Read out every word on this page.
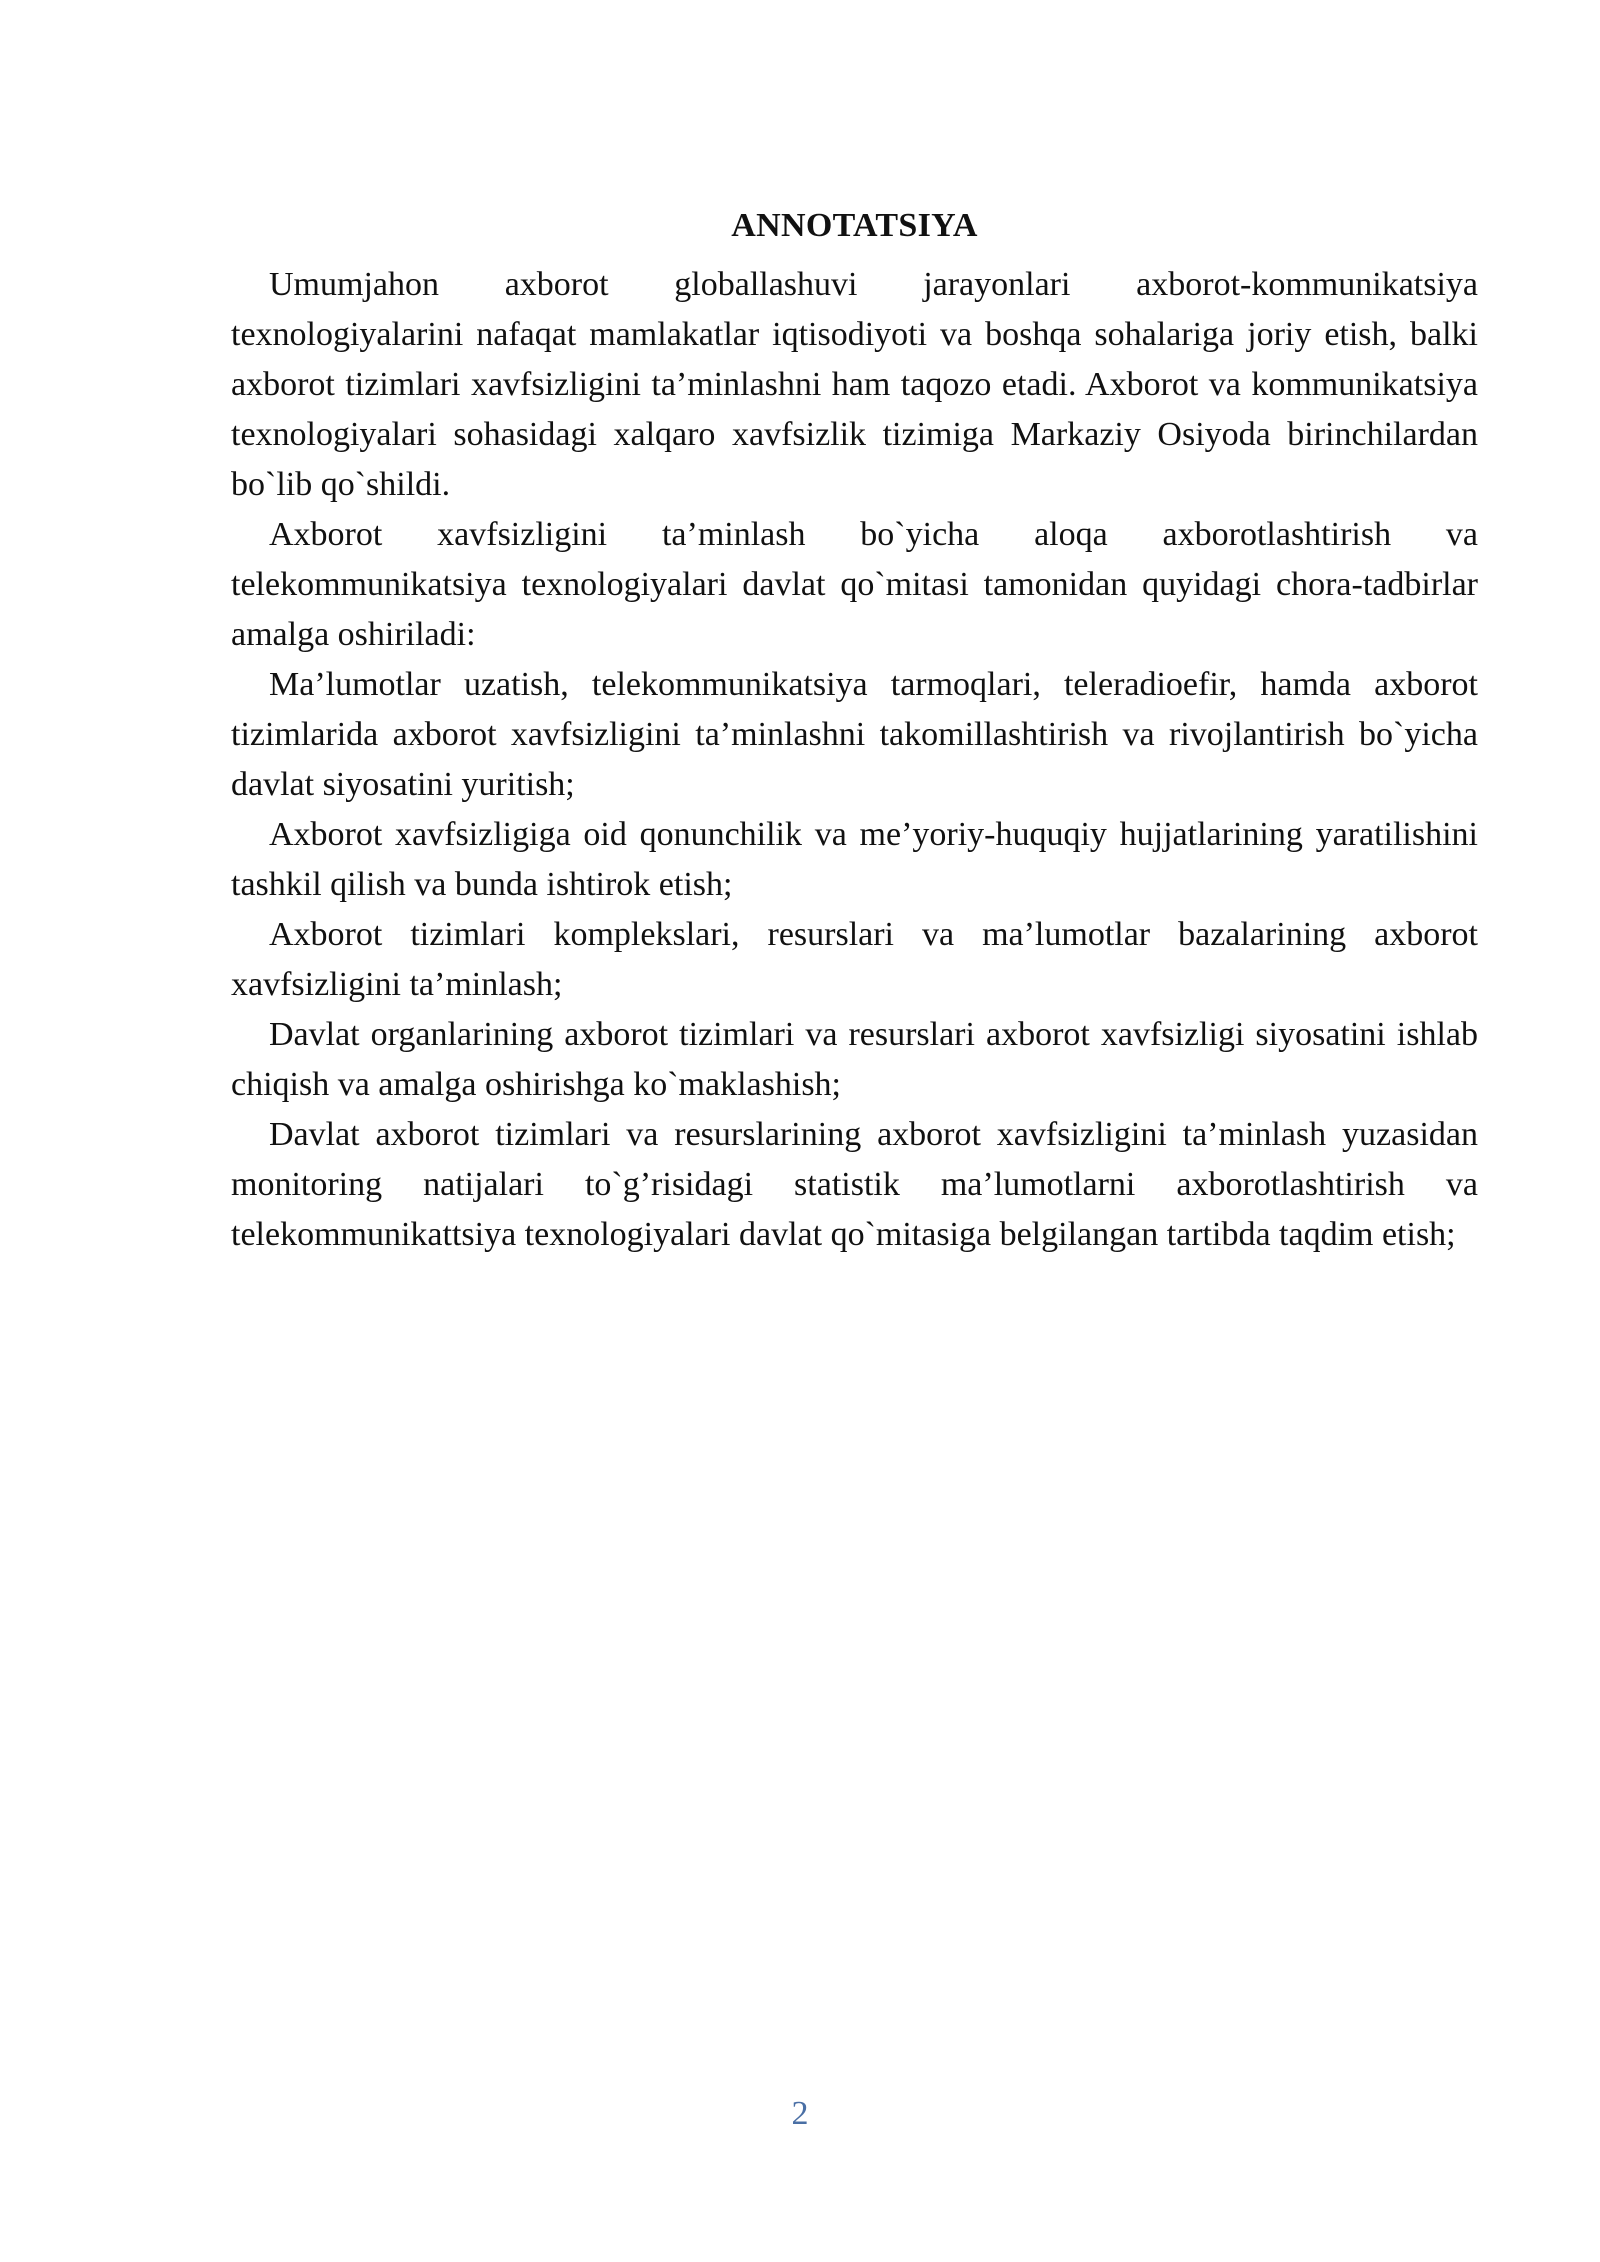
ANNOTATSIYA

Umumjahon axborot globallashuvi jarayonlari axborot-kommunikatsiya texnologiyalarini nafaqat mamlakatlar iqtisodiyoti va boshqa sohalariga joriy etish, balki axborot tizimlari xavfsizligini ta’minlashni ham taqozo etadi. Axborot va kommunikatsiya texnologiyalari sohasidagi xalqaro xavfsizlik tizimiga Markaziy Osiyoda birinchilardan bo`lib qo`shildi.

Axborot xavfsizligini ta’minlash bo`yicha aloqa axborotlashtirish va telekommunikatsiya texnologiyalari davlat qo`mitasi tamonidan quyidagi chora-tadbirlar amalga oshiriladi:

Ma’lumotlar uzatish, telekommunikatsiya tarmoqlari, teleradioefir, hamda axborot tizimlarida axborot xavfsizligini ta’minlashni takomillashtirish va rivojlantirish bo`yicha davlat siyosatini yuritish;

Axborot xavfsizligiga oid qonunchilik va me’yoriy-huquqiy hujjatlarining yaratilishini tashkil qilish va bunda ishtirok etish;

Axborot tizimlari komplekslari, resurslari va ma’lumotlar bazalarining axborot xavfsizligini ta’minlash;

Davlat organlarining axborot tizimlari va resurslari axborot xavfsizligi siyosatini ishlab chiqish va amalga oshirishga ko`maklashish;

Davlat axborot tizimlari va resurslarining axborot xavfsizligini ta’minlash yuzasidan monitoring natijalari to`g’risidagi statistik ma’lumotlarni axborotlashtirish va telekommunikattsiya texnologiyalari davlat qo`mitasiga belgilangan tartibda taqdim etish;

2
